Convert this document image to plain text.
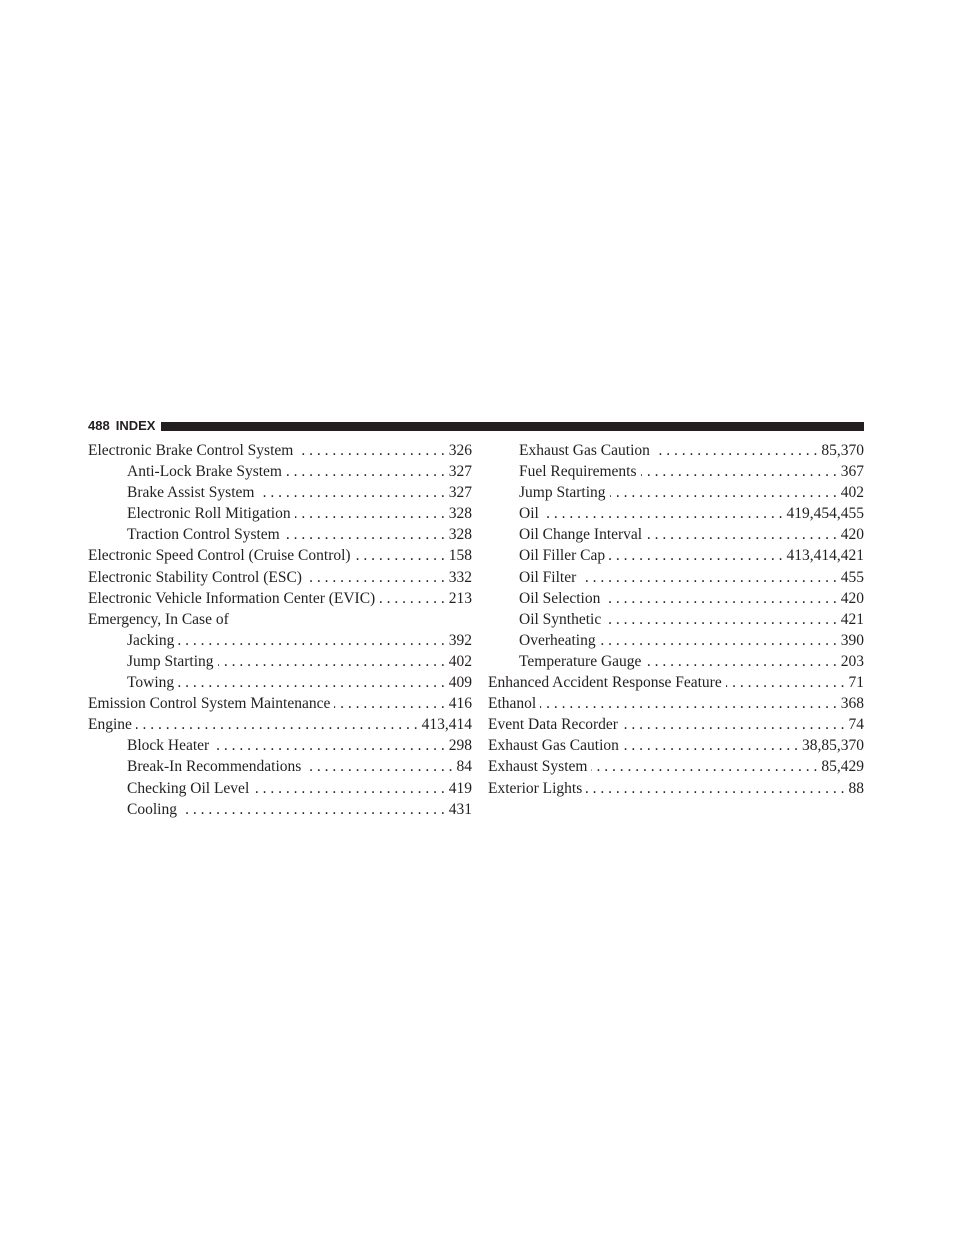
488 INDEX
Electronic Brake Control System . . .	326
Anti-Lock Brake System . . .	327
Brake Assist System . . .	327
Electronic Roll Mitigation . . .	328
Traction Control System . . .	328
Electronic Speed Control (Cruise Control) . . .	158
Electronic Stability Control (ESC) . . .	332
Electronic Vehicle Information Center (EVIC) . . .	213
Emergency, In Case of
Jacking . . .	392
Jump Starting . . .	402
Towing . . .	409
Emission Control System Maintenance . . .	416
Engine . . .	413,414
Block Heater . . .	298
Break-In Recommendations . . .	84
Checking Oil Level . . .	419
Cooling . . .	431
Exhaust Gas Caution . . .	85,370
Fuel Requirements . . .	367
Jump Starting . . .	402
Oil . . .	419,454,455
Oil Change Interval . . .	420
Oil Filler Cap . . .	413,414,421
Oil Filter . . .	455
Oil Selection . . .	420
Oil Synthetic . . .	421
Overheating . . .	390
Temperature Gauge . . .	203
Enhanced Accident Response Feature . . .	71
Ethanol . . .	368
Event Data Recorder . . .	74
Exhaust Gas Caution . . .	38,85,370
Exhaust System . . .	85,429
Exterior Lights . . .	88
